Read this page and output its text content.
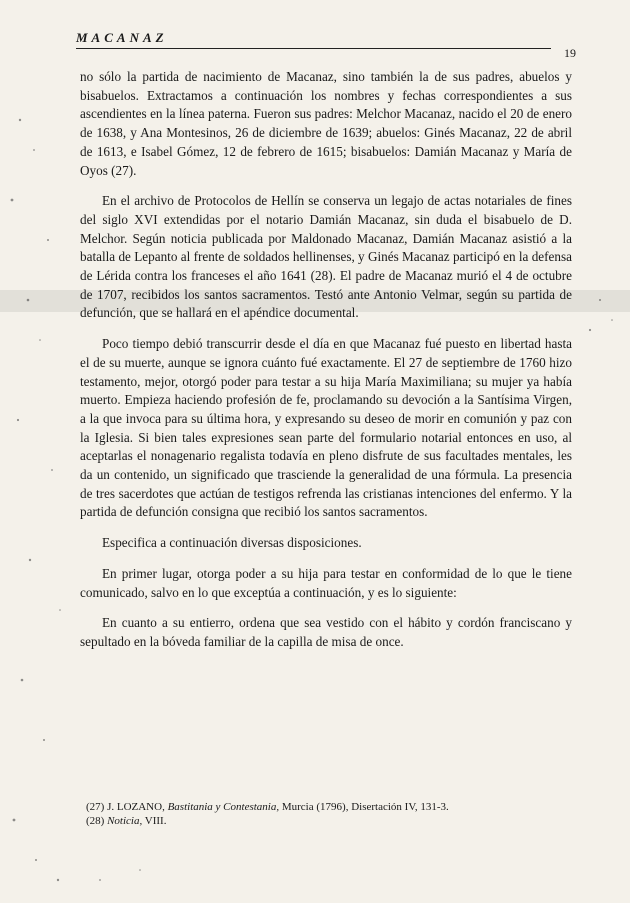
MACANAZ
19

no sólo la partida de nacimiento de Macanaz, sino también la de sus padres, abuelos y bisabuelos. Extractamos a continuación los nombres y fechas correspondientes a sus ascendientes en la línea paterna. Fueron sus padres: Melchor Macanaz, nacido el 20 de enero de 1638, y Ana Montesinos, 26 de diciembre de 1639; abuelos: Ginés Macanaz, 22 de abril de 1613, e Isabel Gómez, 12 de febrero de 1615; bisabuelos: Damián Macanaz y María de Oyos (27).

En el archivo de Protocolos de Hellín se conserva un legajo de actas notariales de fines del siglo XVI extendidas por el notario Damián Macanaz, sin duda el bisabuelo de D. Melchor. Según noticia publicada por Maldonado Macanaz, Damián Macanaz asistió a la batalla de Lepanto al frente de soldados hellinenses, y Ginés Macanaz participó en la defensa de Lérida contra los franceses el año 1641 (28). El padre de Macanaz murió el 4 de octubre de 1707, recibidos los santos sacramentos. Testó ante Antonio Velmar, según su partida de defunción, que se hallará en el apéndice documental.

Poco tiempo debió transcurrir desde el día en que Macanaz fué puesto en libertad hasta el de su muerte, aunque se ignora cuánto fué exactamente. El 27 de septiembre de 1760 hizo testamento, mejor, otorgó poder para testar a su hija María Maximiliana; su mujer ya había muerto. Empieza haciendo profesión de fe, proclamando su devoción a la Santísima Virgen, a la que invoca para su última hora, y expresando su deseo de morir en comunión y paz con la Iglesia. Si bien tales expresiones sean parte del formulario notarial entonces en uso, al aceptarlas el nonagenario regalista todavía en pleno disfrute de sus facultades mentales, les da un contenido, un significado que trasciende la generalidad de una fórmula. La presencia de tres sacerdotes que actúan de testigos refrenda las cristianas intenciones del enfermo. Y la partida de defunción consigna que recibió los santos sacramentos.

Especifica a continuación diversas disposiciones.

En primer lugar, otorga poder a su hija para testar en conformidad de lo que le tiene comunicado, salvo en lo que exceptúa a continuación, y es lo siguiente:

En cuanto a su entierro, ordena que sea vestido con el hábito y cordón franciscano y sepultado en la bóveda familiar de la capilla de misa de once.

(27) J. LOZANO, Bastitania y Contestania, Murcia (1796), Disertación IV, 131-3.

(28) Noticia, VIII.
